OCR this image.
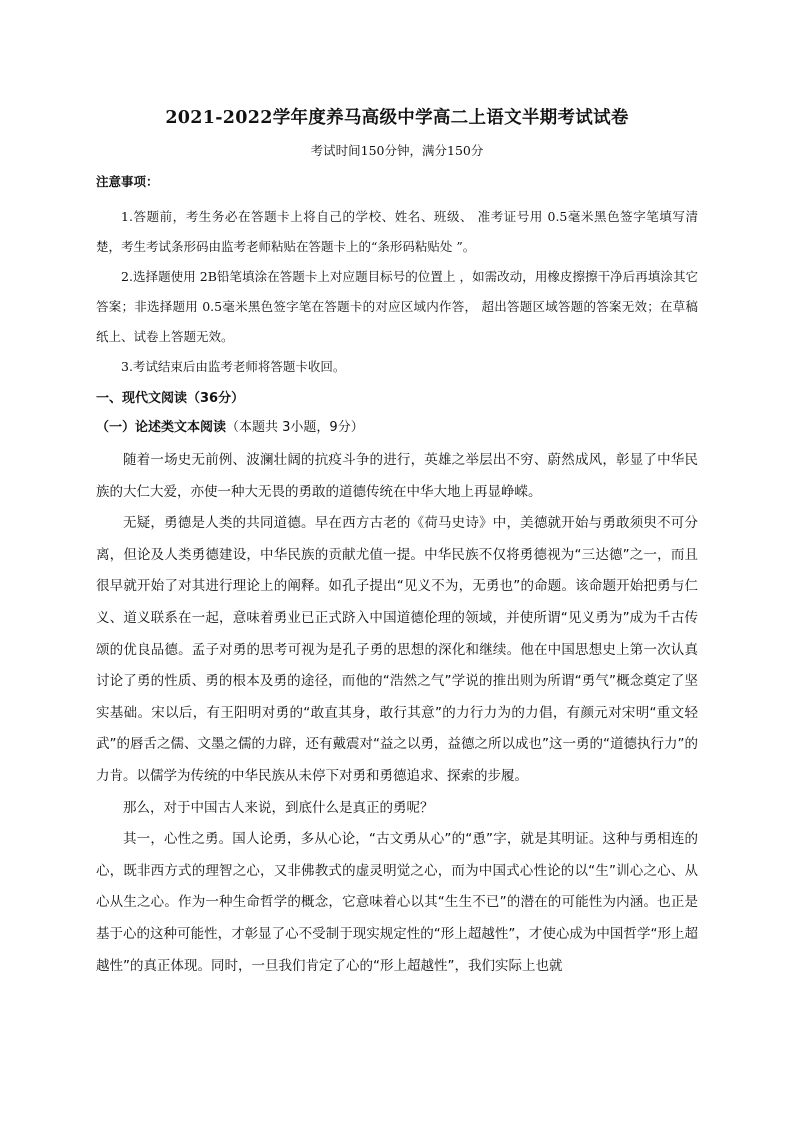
2021-2022学年度养马高级中学高二上语文半期考试试卷

考试时间150分钟，满分150分

注意事项：

1.答题前，考生务必在答题卡上将自己的学校、姓名、班级、 准考证号用 0.5毫米黑色签字笔填写清楚，考生考试条形码由监考老师粘贴在答题卡上的“条形码粘贴处 ”。

2.选择题使用 2B铅笔填涂在答题卡上对应题目标号的位置上 ，如需改动，用橡皮擦擦干净后再填涂其它答案；非选择题用 0.5毫米黑色签字笔在答题卡的对应区域内作答， 超出答题区域答题的答案无效；在草稿纸上、试卷上答题无效。

3.考试结束后由监考老师将答题卡收回。

一、现代文阅读（36分）

（一）论述类文本阅读（本题共 3小题，9分）

随着一场史无前例、波澜壮阔的抗疫斗争的进行，英雄之举层出不穷、蔚然成风，彰显了中华民族的大仁大爱，亦使一种大无畏的勇敢的道德传统在中华大地上再显峥嵘。

无疑，勇德是人类的共同道德。早在西方古老的《荷马史诗》中，美德就开始与勇敢须臾不可分离，但论及人类勇德建设，中华民族的贡献尤值一提。中华民族不仅将勇德视为“三达德”之一，而且很早就开始了对其进行理论上的阐释。如孔子提出“见义不为，无勇也”的命题。该命题开始把勇与仁义、道义联系在一起，意味着勇业已正式跻入中国道德伦理的领域，并使所谓“见义勇为”成为千古传颂的优良品德。孟子对勇的思考可视为是孔子勇的思想的深化和继续。他在中国思想史上第一次认真讨论了勇的性质、勇的根本及勇的途径，而他的“浩然之气”学说的推出则为所谓“勇气”概念奠定了坚实基础。宋以后，有王阳明对勇的“敢直其身，敢行其意”的力行力为的力倡，有颜元对宋明“重文轻武”的唇舌之儒、文墨之儒的力辟，还有戴震对“益之以勇，益德之所以成也”这一勇的“道德执行力”的力肯。以儒学为传统的中华民族从未停下对勇和勇德追求、探索的步履。

那么，对于中国古人来说，到底什么是真正的勇呢？

其一，心性之勇。国人论勇，多从心论，“古文勇从心”的“恿”字，就是其明证。这种与勇相连的心，既非西方式的理智之心，又非佛教式的虚灵明觉之心，而为中国式心性论的以“生”训心之心、从心从生之心。作为一种生命哲学的概念，它意味着心以其“生生不已”的潜在的可能性为内涵。也正是基于心的这种可能性，才彰显了心不受制于现实规定性的“形上超越性”，才使心成为中国哲学“形上超越性”的真正体现。同时，一旦我们肯定了心的“形上超越性”，我们实际上也就
